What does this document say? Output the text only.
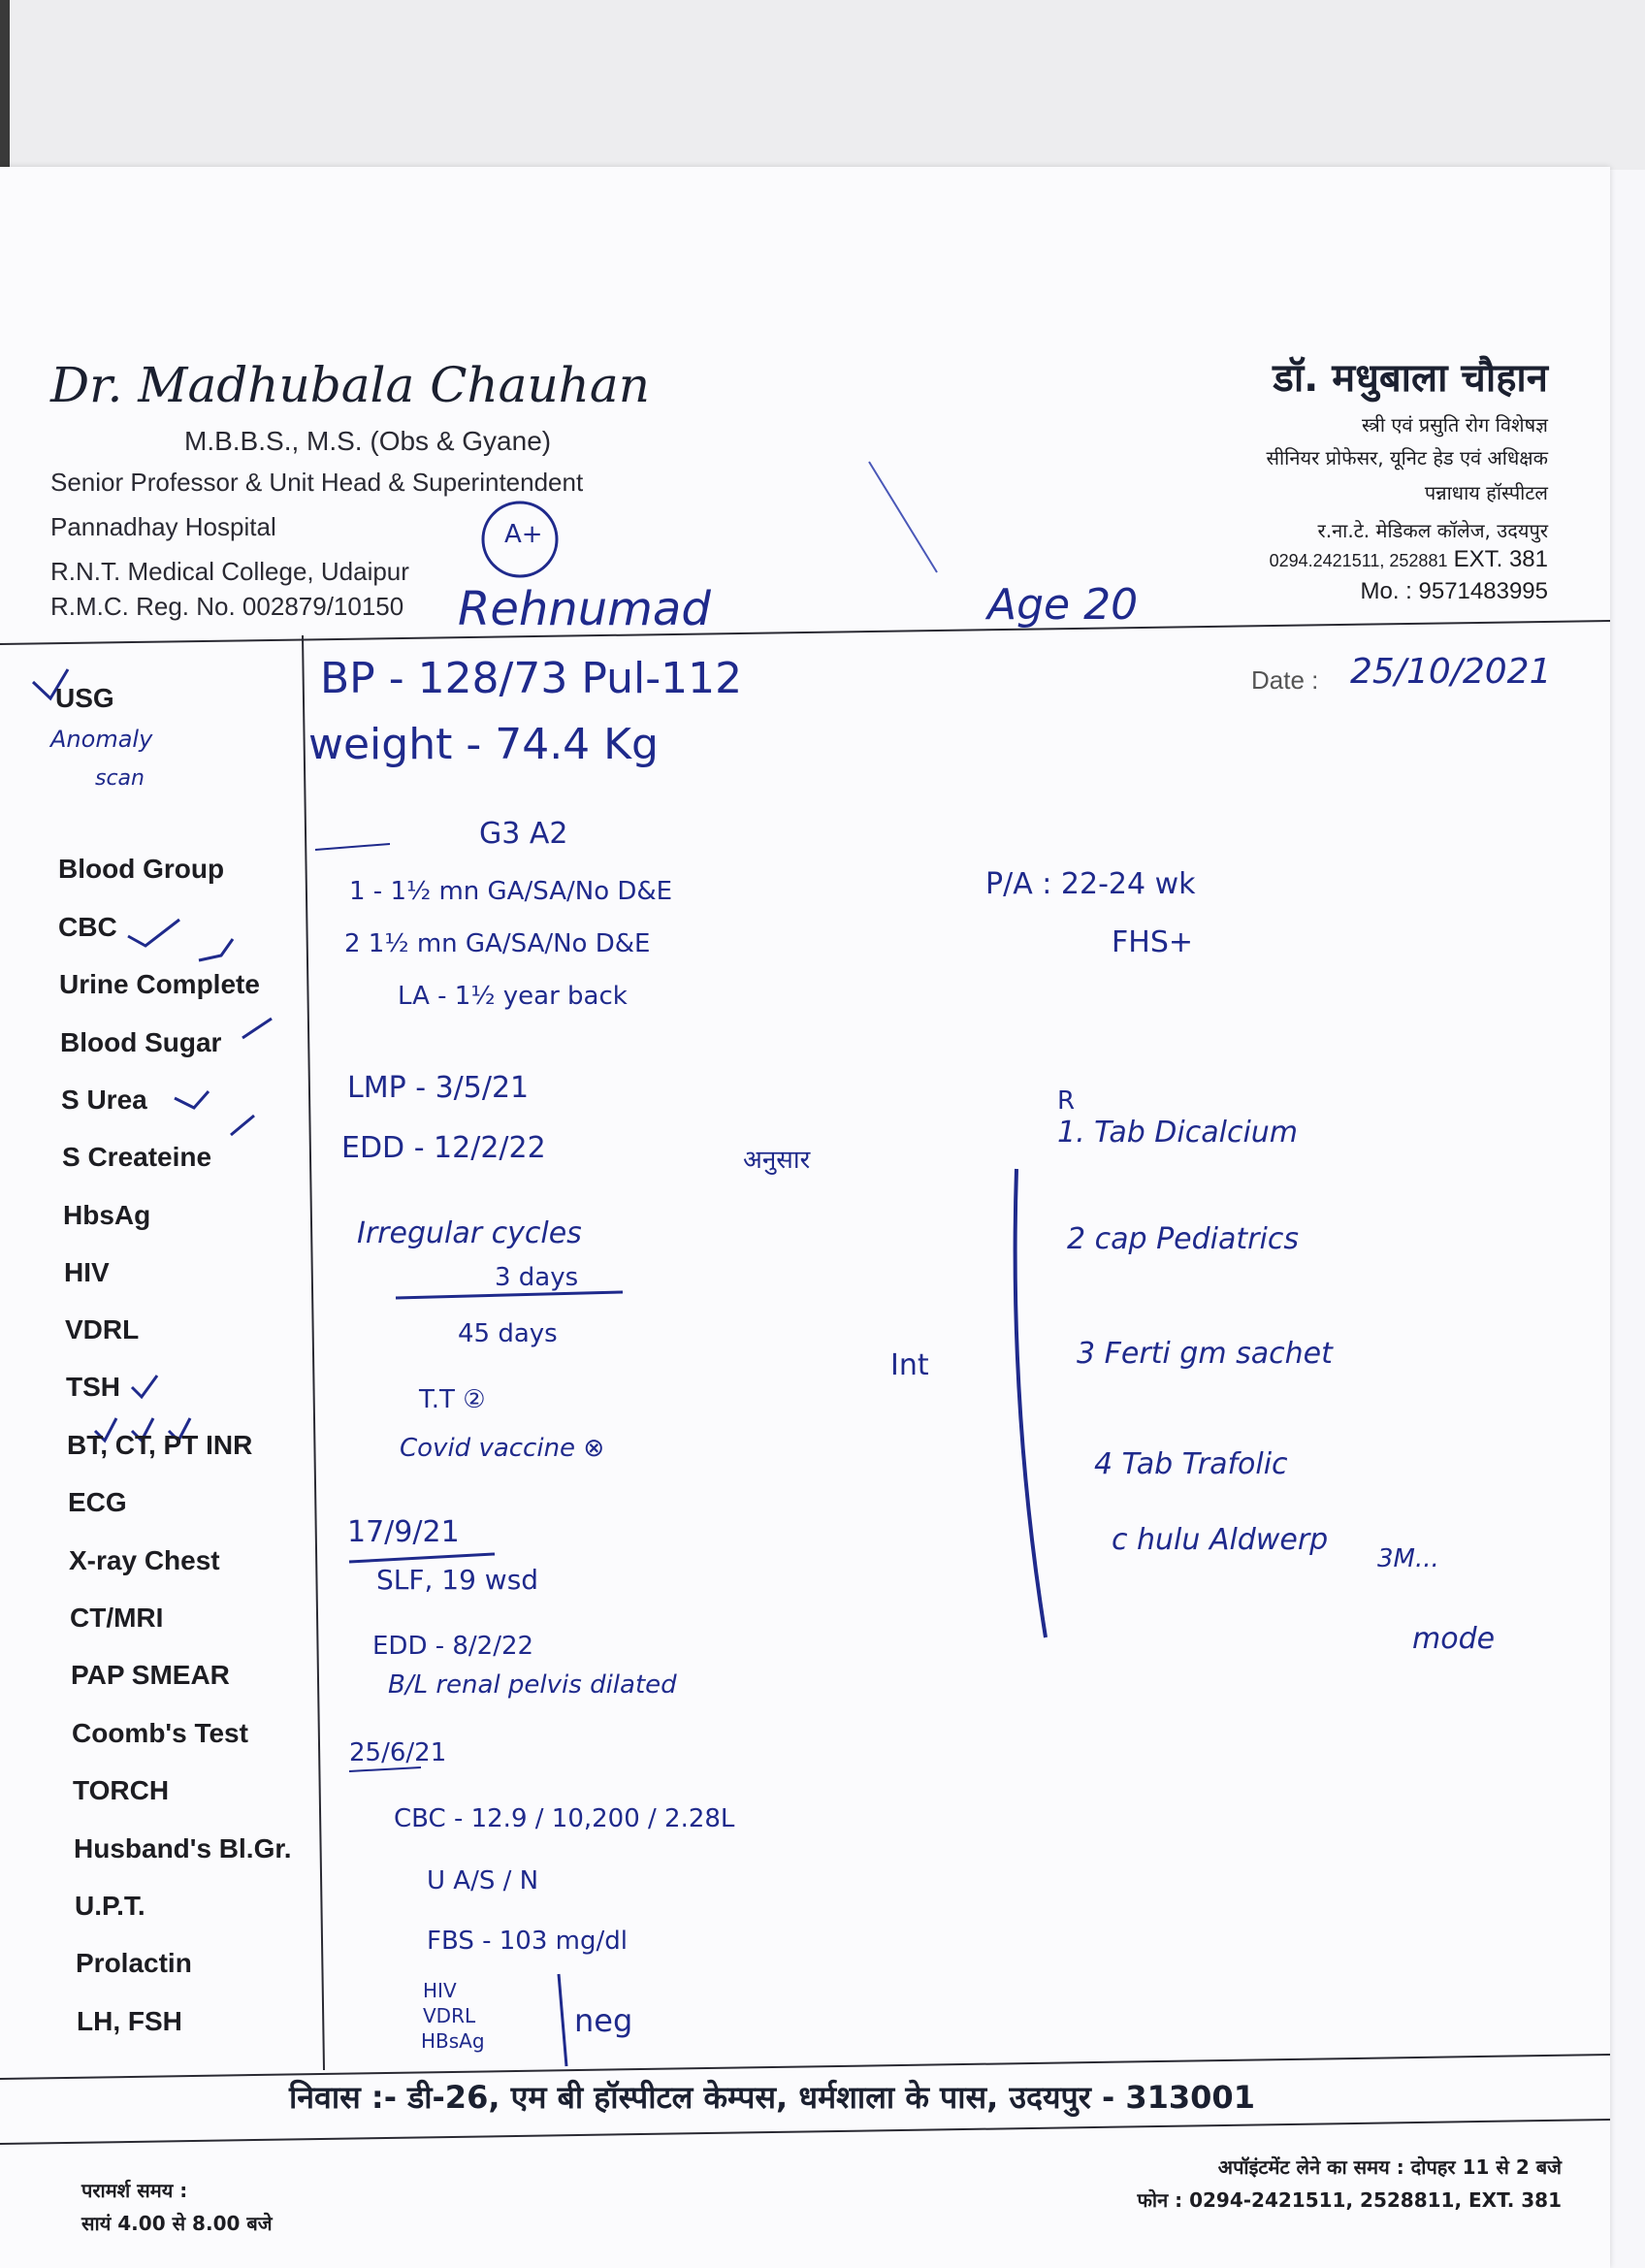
Dr. Madhubala Chauhan
M.B.B.S., M.S. (Obs & Gyane)
Senior Professor & Unit Head & Superintendent
Pannadhay Hospital
R.N.T. Medical College, Udaipur
R.M.C. Reg. No. 002879/10150
डॉ. मधुबाला चौहान
स्त्री एवं प्रसुति रोग विशेषज्ञ
सीनियर प्रोफेसर, यूनिट हेड एवं अधिक्षक
पन्नाधाय हॉस्पीटल
र.ना.टे. मेडिकल कॉलेज, उदयपुर
0294.2421511, 252881 EXT. 381
Mo. : 9571483995
A+
Rehnumad	Age 20
Date : 25/10/2021
USG
Anomaly
scan
Blood Group
CBC
Urine Complete
Blood Sugar
S Urea
S Createine
HbsAg
HIV
VDRL
TSH
BT, CT, PT INR
ECG
X-ray Chest
CT/MRI
PAP SMEAR
Coomb's Test
TORCH
Husband's Bl.Gr.
U.P.T.
Prolactin
LH, FSH
BP - 128/73 Pul-112
weight - 74.4 Kg
G3 A2
1 - 1½ mn GA/SA/No D&E
2 1½ mn GA/SA/No D&E
LA - 1½ year back
P/A : 22-24 wk
FHS+
LMP - 3/5/21
EDD - 12/2/22	अनुसार
Irregular cycles
3 days
45 days
T.T ②
Covid vaccine ⊗
Int
17/9/21
SLF, 19 wsd
EDD - 8/2/22
B/L renal pelvis dilated
25/6/21
CBC - 12.9 / 10,200 / 2.28L
U A/S / N
FBS - 103 mg/dl
HIV
VDRL
HBsAg
neg
R
1. Tab Dicalcium
2 cap Pediatrics
3 Ferti gm sachet
4 Tab Trafolic
c hulu Aldwerp
3M...
mode
निवास :- डी-26, एम बी हॉस्पीटल केम्पस, धर्मशाला के पास, उदयपुर - 313001
परामर्श समय :
सायं 4.00 से 8.00 बजे
अपॉइंटमेंट लेने का समय : दोपहर 11 से 2 बजे
फोन : 0294-2421511, 2528811, EXT. 381
